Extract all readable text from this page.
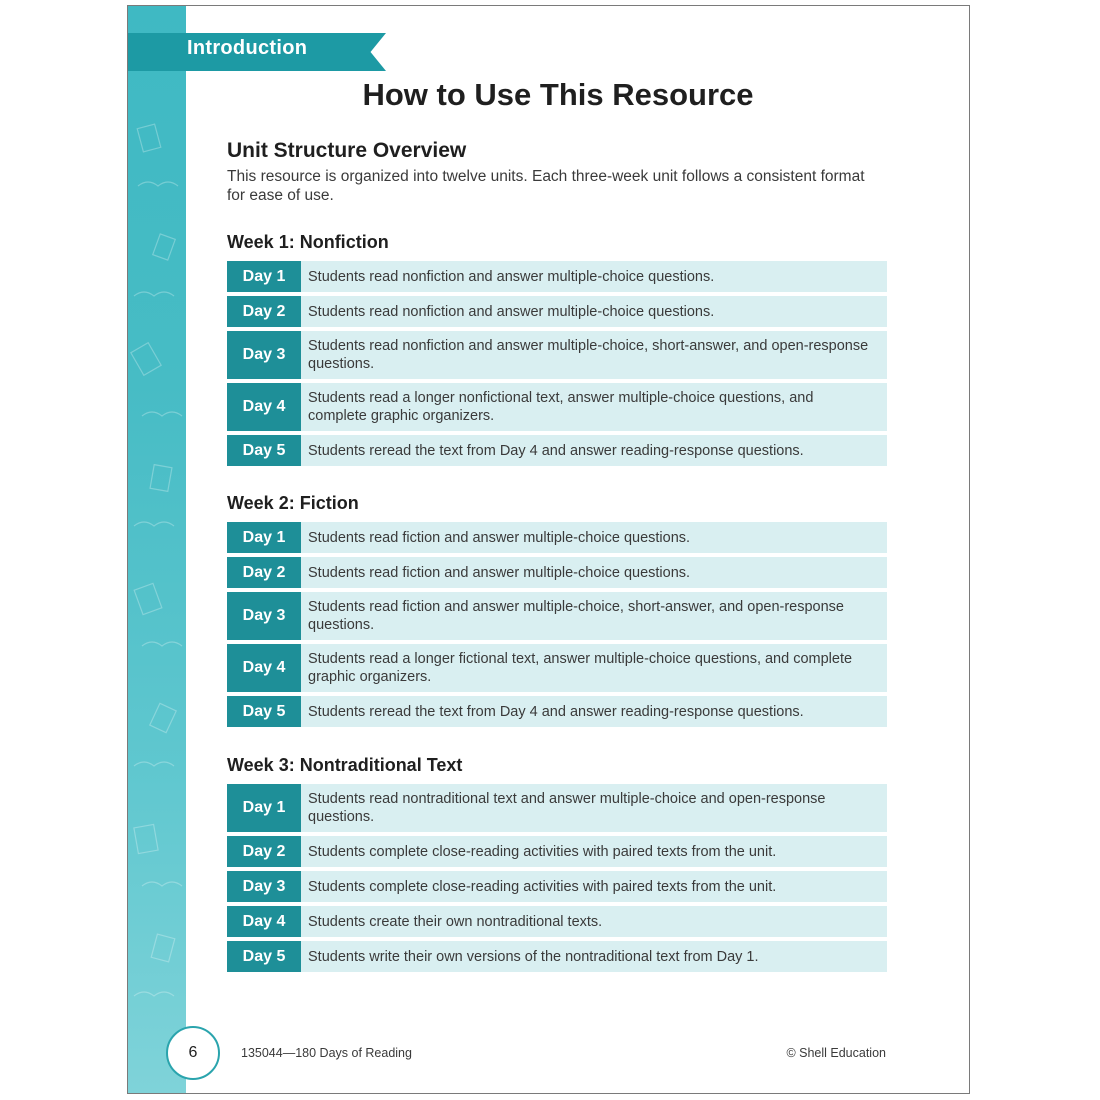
Introduction
How to Use This Resource
Unit Structure Overview

This resource is organized into twelve units. Each three-week unit follows a consistent format for ease of use.

Week 1: Nonfiction
Day 1	Students read nonfiction and answer multiple-choice questions.
Day 2	Students read nonfiction and answer multiple-choice questions.
Day 3	Students read nonfiction and answer multiple-choice, short-answer, and open-response questions.
Day 4	Students read a longer nonfictional text, answer multiple-choice questions, and complete graphic organizers.
Day 5	Students reread the text from Day 4 and answer reading-response questions.
Week 2: Fiction
Day 1	Students read fiction and answer multiple-choice questions.
Day 2	Students read fiction and answer multiple-choice questions.
Day 3	Students read fiction and answer multiple-choice, short-answer, and open-response questions.
Day 4	Students read a longer fictional text, answer multiple-choice questions, and complete graphic organizers.
Day 5	Students reread the text from Day 4 and answer reading-response questions.
Week 3: Nontraditional Text
Day 1	Students read nontraditional text and answer multiple-choice and open-response questions.
Day 2	Students complete close-reading activities with paired texts from the unit.
Day 3	Students complete close-reading activities with paired texts from the unit.
Day 4	Students create their own nontraditional texts.
Day 5	Students write their own versions of the nontraditional text from Day 1.
6	135044—180 Days of Reading	© Shell Education
